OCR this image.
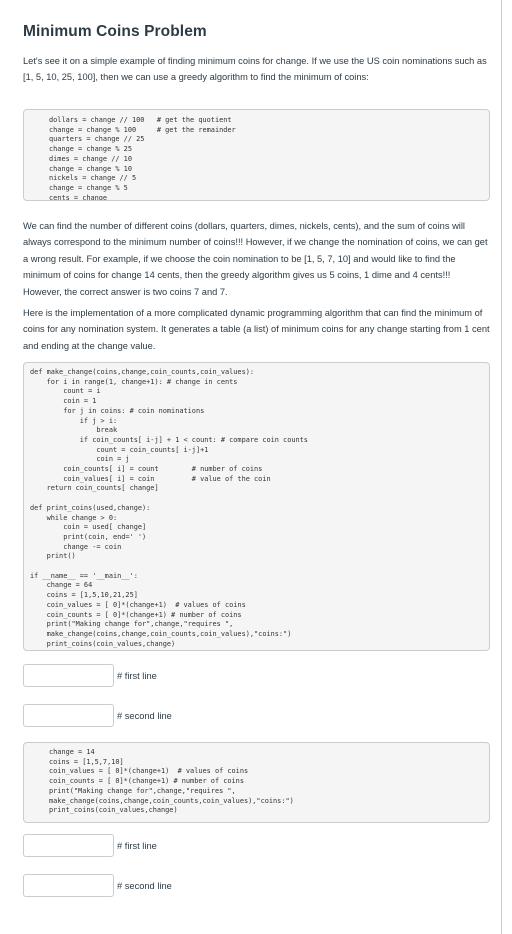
Minimum Coins Problem

Let's see it on a simple example of finding minimum coins for change. If we use the US coin nominations such as [1, 5, 10, 25, 100], then we can use a greedy algorithm to find the minimum of coins:

dollars = change // 100   # get the quotient
change = change % 100     # get the remainder
quarters = change // 25
change = change % 25
dimes = change // 10
change = change % 10
nickels = change // 5
change = change % 5
cents = change

We can find the number of different coins (dollars, quarters, dimes, nickels, cents), and the sum of coins will always correspond to the minimum number of coins!!! However, if we change the nomination of coins, we can get a wrong result. For example, if we choose the coin nomination to be [1, 5, 7, 10] and would like to find the minimum of coins for change 14 cents, then the greedy algorithm gives us 5 coins, 1 dime and 4 cents!!! However, the correct answer is two coins 7 and 7.

Here is the implementation of a more complicated dynamic programming algorithm that can find the minimum of coins for any nomination system. It generates a table (a list) of minimum coins for any change starting from 1 cent and ending at the change value.

def make_change(coins,change,coin_counts,coin_values):
for i in range(1, change+1): # change in cents
count = i
coin = 1
for j in coins: # coin nominations
if j > i:
break
if coin_counts[ i-j] + 1 < count: # compare coin counts
count = coin_counts[ i-j]+1
coin = j
coin_counts[ i] = count        # number of coins
coin_values[ i] = coin         # value of the coin
return coin_counts[ change]

def print_coins(used,change):
while change > 0:
coin = used[ change]
print(coin, end=' ')
change -= coin
print()

if __name__ == '__main__':
change = 64
coins = [1,5,10,21,25]
coin_values = [ 0]*(change+1)  # values of coins
coin_counts = [ 0]*(change+1) # number of coins
print("Making change for",change,"requires ",
make_change(coins,change,coin_counts,coin_values),"coins:")
print_coins(coin_values,change)
# first line
# second line
change = 14
coins = [1,5,7,10]
coin_values = [ 0]*(change+1)  # values of coins
coin_counts = [ 0]*(change+1) # number of coins
print("Making change for",change,"requires ",
make_change(coins,change,coin_counts,coin_values),"coins:")
print_coins(coin_values,change)
# first line
# second line
